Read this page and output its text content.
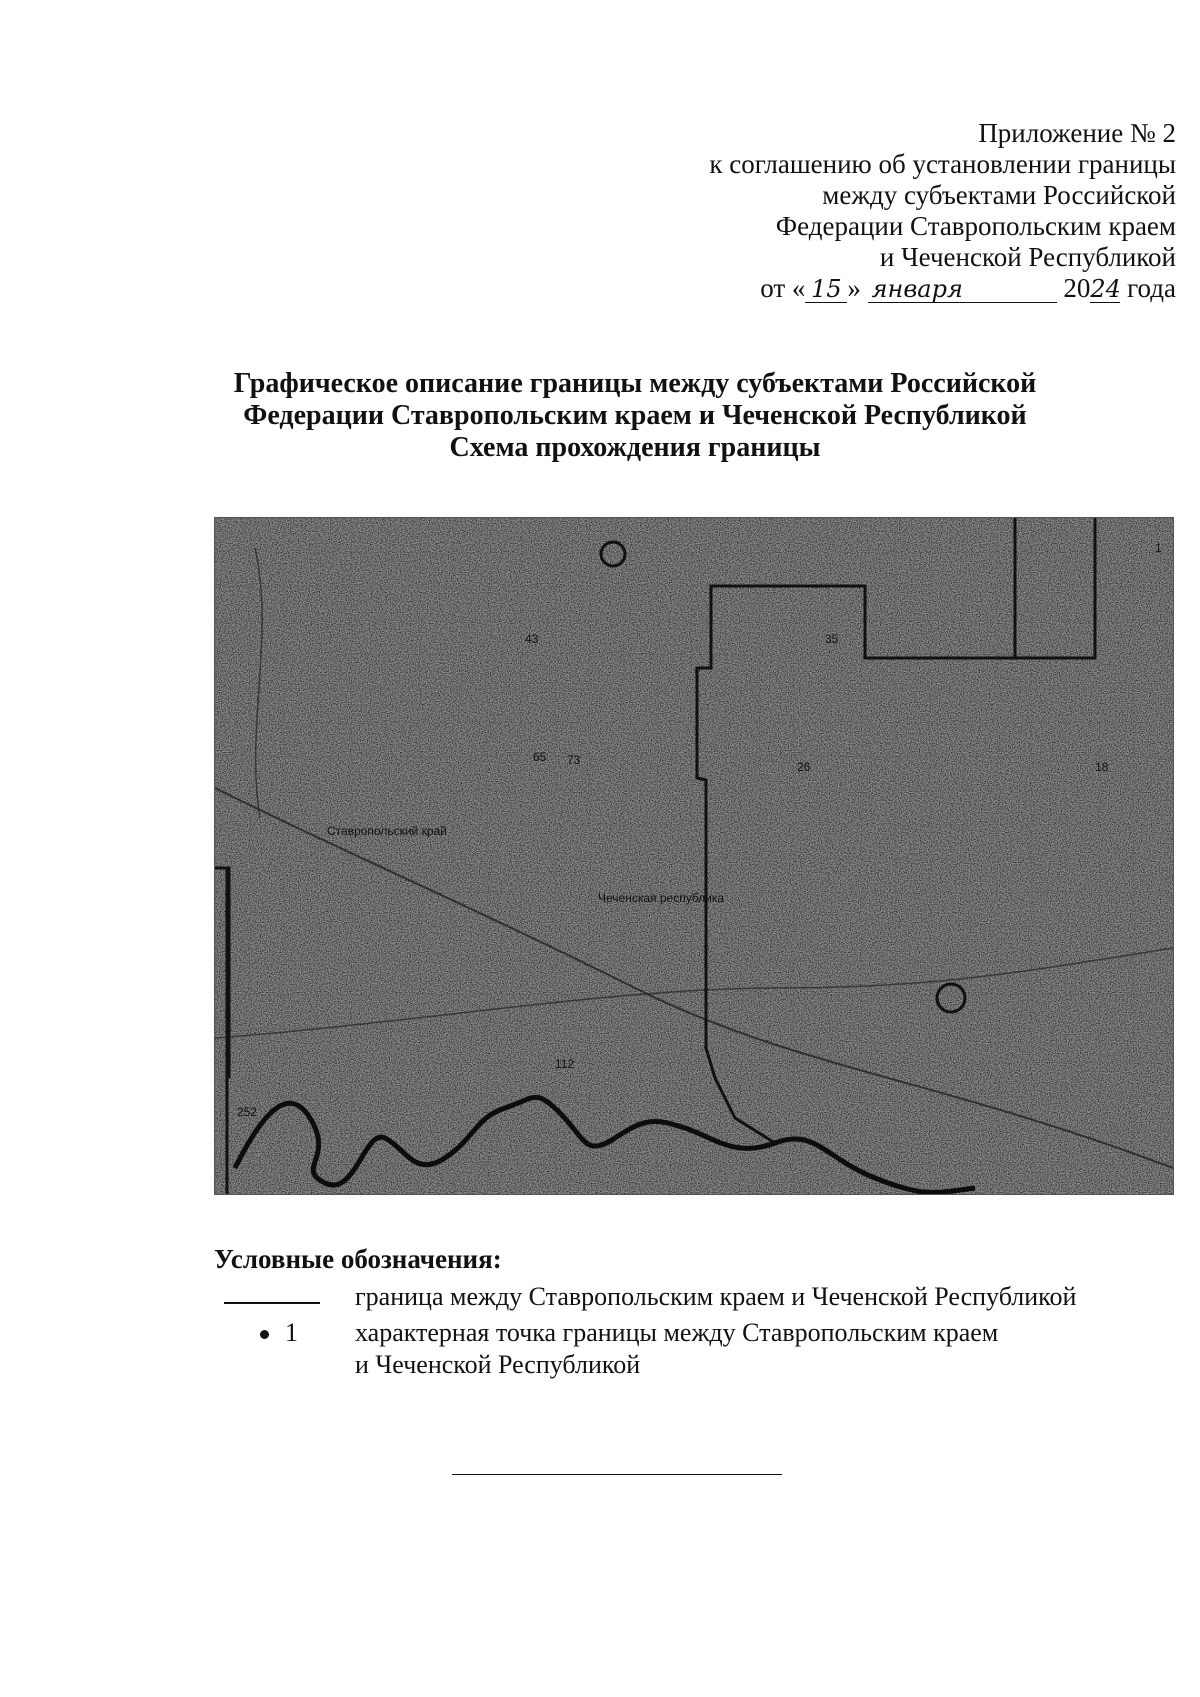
Приложение № 2
к соглашению об установлении границы
между субъектами Российской
Федерации Ставропольским краем
и Чеченской Республикой
от « 15 » января	2024 года
Графическое описание границы между субъектами Российской
Федерации Ставропольским краем и Чеченской Республикой
Схема прохождения границы
Ставропольский край
Чеченская республика
1
18
26
35
43
65 73
112
252
Условные обозначения:
граница между Ставропольским краем и Чеченской Республикой
1 характерная точка границы между Ставропольским краем
и Чеченской Республикой
